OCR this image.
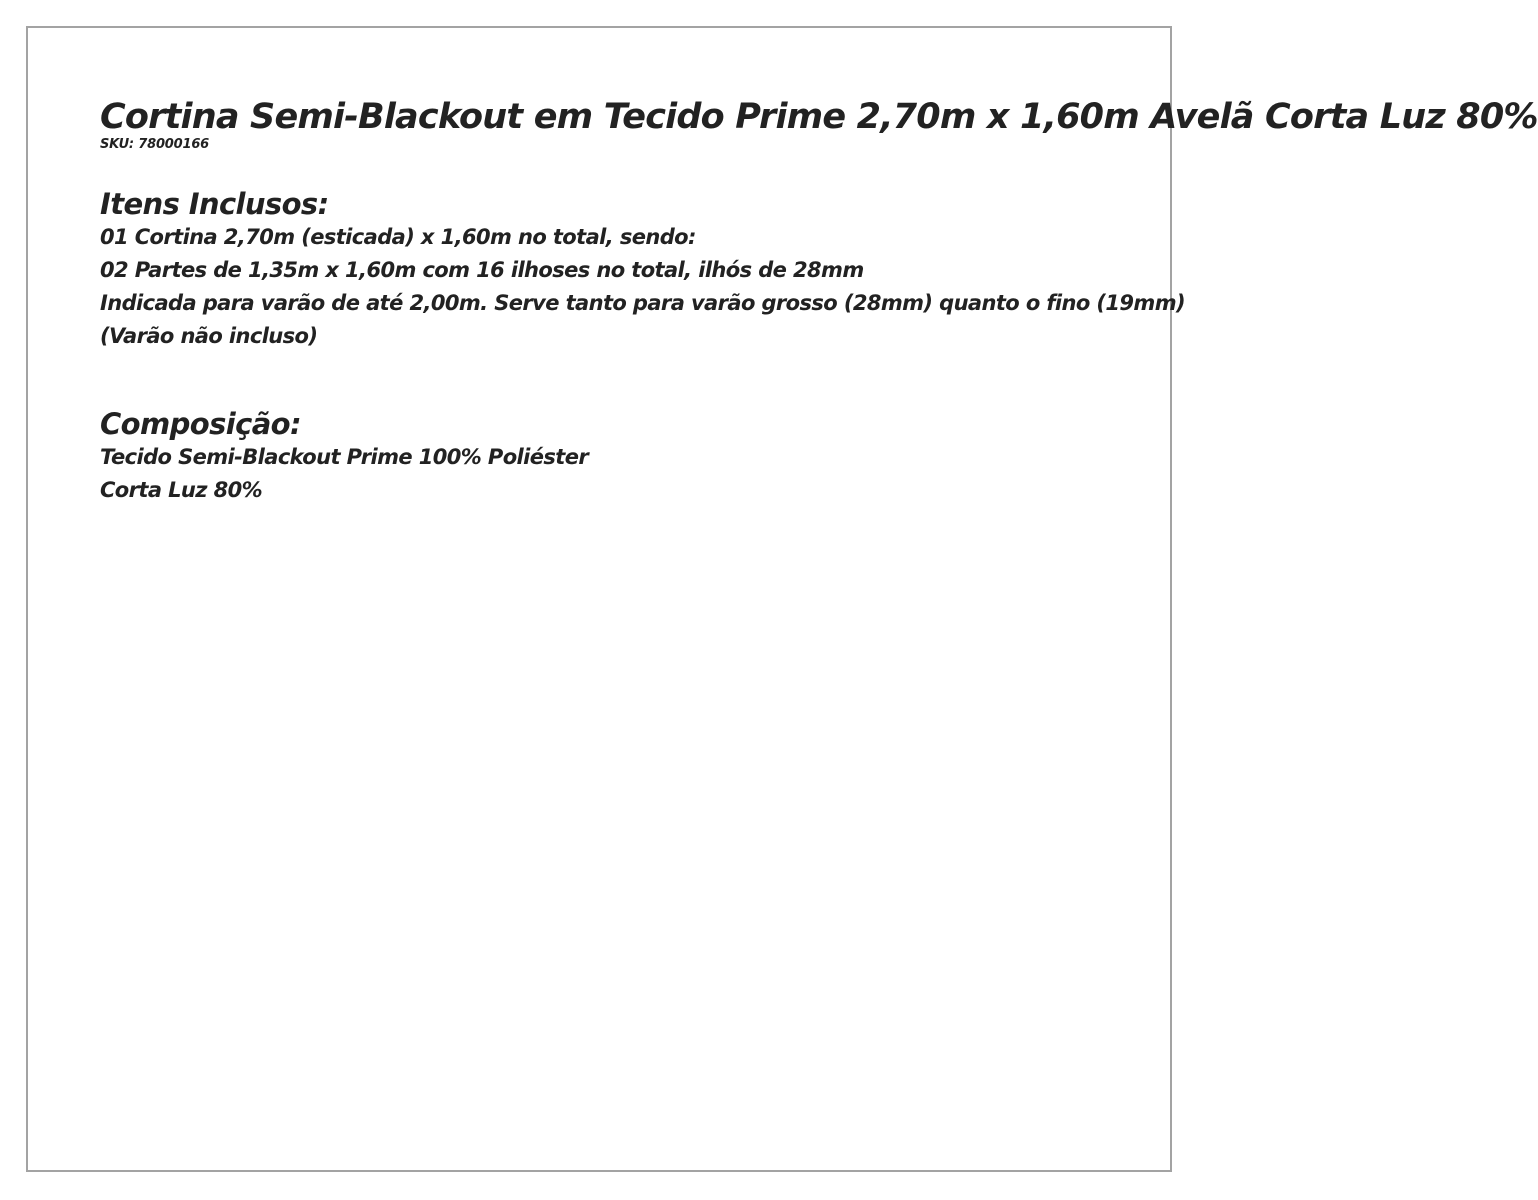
Cortina Semi-Blackout em Tecido Prime 2,70m x 1,60m Avelã Corta Luz 80%

SKU: 78000166

Itens Inclusos:

01 Cortina 2,70m (esticada) x 1,60m no total, sendo:

02 Partes de 1,35m x 1,60m com 16 ilhoses no total, ilhós de 28mm

Indicada para varão de até 2,00m. Serve tanto para varão grosso (28mm) quanto o fino (19mm)

(Varão não incluso)

Composição:

Tecido Semi-Blackout Prime 100% Poliéster

Corta Luz 80%
